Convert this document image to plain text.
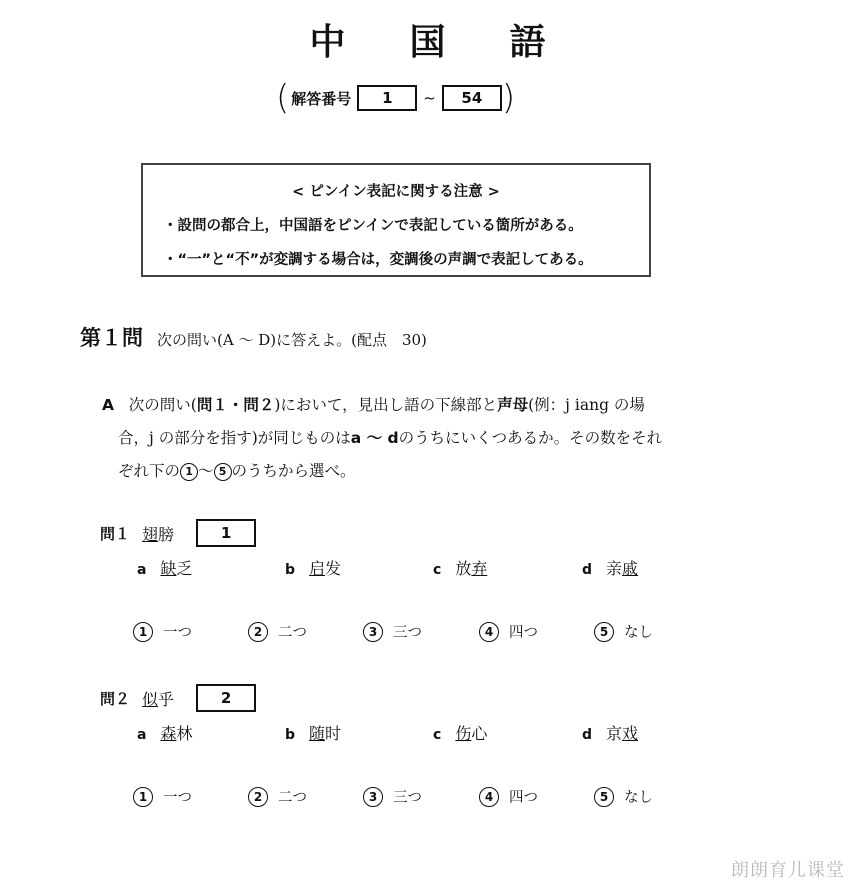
中国語
( 解答番号	1	~	54 )
< ピンイン表記に関する注意 >
・設問の都合上，中国語をピンインで表記している箇所がある。
・“一”と“不”が変調する場合は，変調後の声調で表記してある。
第１問 次の問い(A ～ D)に答えよ。(配点　30)
A 次の問い(問１・問２)において，見出し語の下線部と声母(例：j iang の場
合，j の部分を指す)が同じものはa ～ dのうちにいくつあるか。その数をそれ
ぞれ下の 1 ～ 5 のうちから選べ。
問１ 翅膀	1
a 缺乏	b 启发	c 放弃	d 亲戚
1	一つ	2	二つ	3	三つ	4	四つ	5	なし
問２ 似乎	2
a 森林	b 随时	c 伤心	d 京戏
1	一つ	2	二つ	3	三つ	4	四つ	5	なし
朗朗育儿课堂
